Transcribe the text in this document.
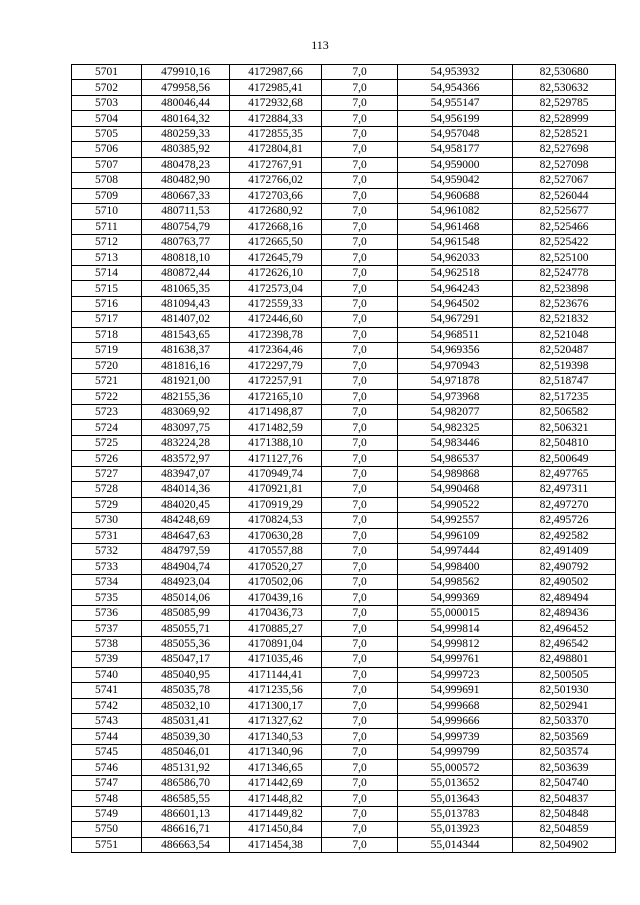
113
5701	479910,16	4172987,66	7,0	54,953932	82,530680
5702	479958,56	4172985,41	7,0	54,954366	82,530632
5703	480046,44	4172932,68	7,0	54,955147	82,529785
5704	480164,32	4172884,33	7,0	54,956199	82,528999
5705	480259,33	4172855,35	7,0	54,957048	82,528521
5706	480385,92	4172804,81	7,0	54,958177	82,527698
5707	480478,23	4172767,91	7,0	54,959000	82,527098
5708	480482,90	4172766,02	7,0	54,959042	82,527067
5709	480667,33	4172703,66	7,0	54,960688	82,526044
5710	480711,53	4172680,92	7,0	54,961082	82,525677
5711	480754,79	4172668,16	7,0	54,961468	82,525466
5712	480763,77	4172665,50	7,0	54,961548	82,525422
5713	480818,10	4172645,79	7,0	54,962033	82,525100
5714	480872,44	4172626,10	7,0	54,962518	82,524778
5715	481065,35	4172573,04	7,0	54,964243	82,523898
5716	481094,43	4172559,33	7,0	54,964502	82,523676
5717	481407,02	4172446,60	7,0	54,967291	82,521832
5718	481543,65	4172398,78	7,0	54,968511	82,521048
5719	481638,37	4172364,46	7,0	54,969356	82,520487
5720	481816,16	4172297,79	7,0	54,970943	82,519398
5721	481921,00	4172257,91	7,0	54,971878	82,518747
5722	482155,36	4172165,10	7,0	54,973968	82,517235
5723	483069,92	4171498,87	7,0	54,982077	82,506582
5724	483097,75	4171482,59	7,0	54,982325	82,506321
5725	483224,28	4171388,10	7,0	54,983446	82,504810
5726	483572,97	4171127,76	7,0	54,986537	82,500649
5727	483947,07	4170949,74	7,0	54,989868	82,497765
5728	484014,36	4170921,81	7,0	54,990468	82,497311
5729	484020,45	4170919,29	7,0	54,990522	82,497270
5730	484248,69	4170824,53	7,0	54,992557	82,495726
5731	484647,63	4170630,28	7,0	54,996109	82,492582
5732	484797,59	4170557,88	7,0	54,997444	82,491409
5733	484904,74	4170520,27	7,0	54,998400	82,490792
5734	484923,04	4170502,06	7,0	54,998562	82,490502
5735	485014,06	4170439,16	7,0	54,999369	82,489494
5736	485085,99	4170436,73	7,0	55,000015	82,489436
5737	485055,71	4170885,27	7,0	54,999814	82,496452
5738	485055,36	4170891,04	7,0	54,999812	82,496542
5739	485047,17	4171035,46	7,0	54,999761	82,498801
5740	485040,95	4171144,41	7,0	54,999723	82,500505
5741	485035,78	4171235,56	7,0	54,999691	82,501930
5742	485032,10	4171300,17	7,0	54,999668	82,502941
5743	485031,41	4171327,62	7,0	54,999666	82,503370
5744	485039,30	4171340,53	7,0	54,999739	82,503569
5745	485046,01	4171340,96	7,0	54,999799	82,503574
5746	485131,92	4171346,65	7,0	55,000572	82,503639
5747	486586,70	4171442,69	7,0	55,013652	82,504740
5748	486585,55	4171448,82	7,0	55,013643	82,504837
5749	486601,13	4171449,82	7,0	55,013783	82,504848
5750	486616,71	4171450,84	7,0	55,013923	82,504859
5751	486663,54	4171454,38	7,0	55,014344	82,504902
